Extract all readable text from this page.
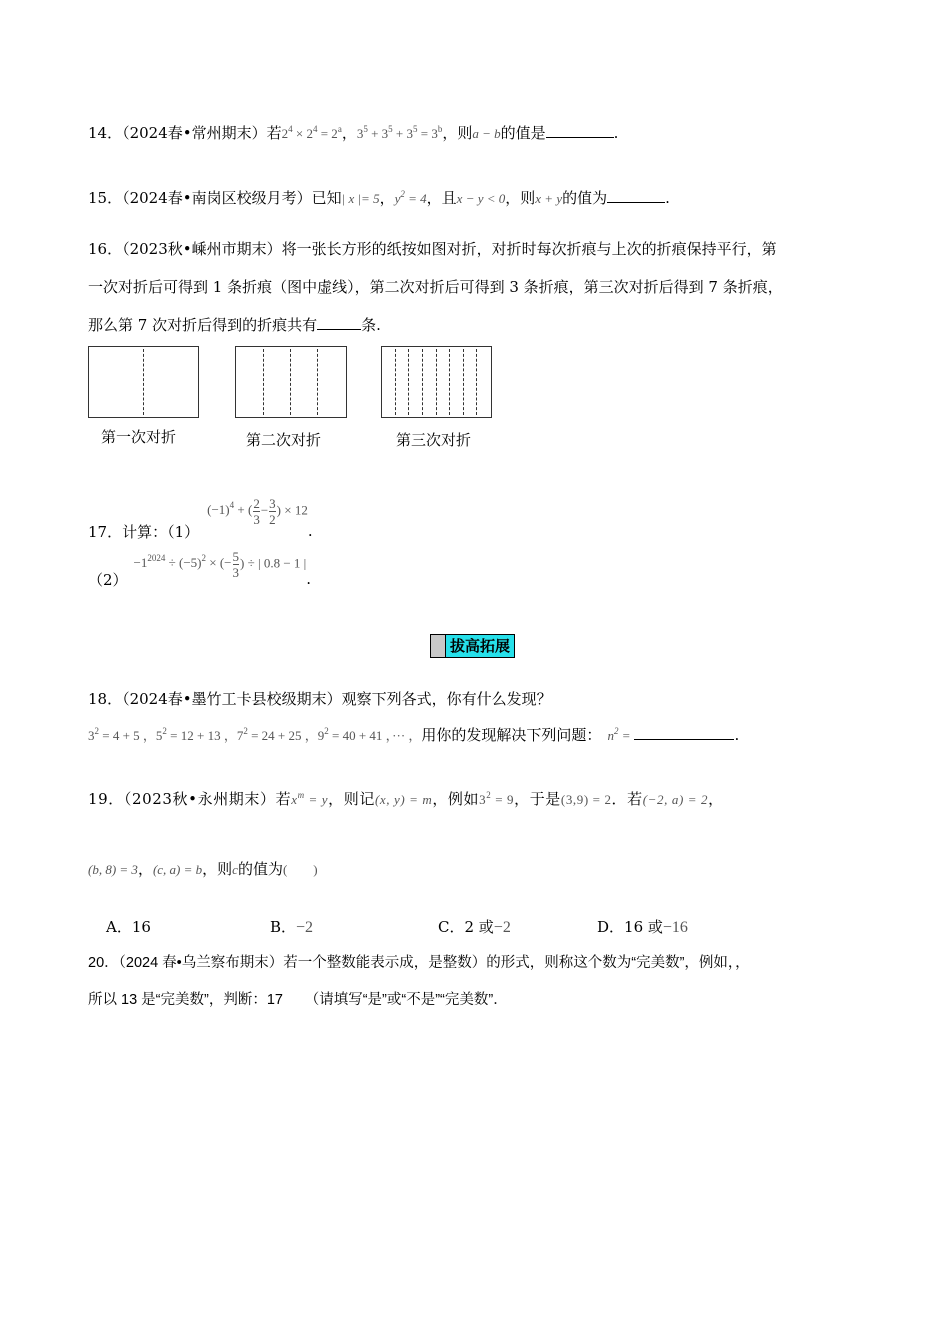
14．（2024春•常州期末）若$2^4 \times 2^4 = 2^a$，$3^5 + 3^5 + 3^5 = 3^b$，则a − b的值是	.
15．（2024春•南岗区校级月考）已知| x |= 5，$y^2 = 4$，且x − y < 0，则x + y的值为	.
16．（2023秋•嵊州市期末）将一张长方形的纸按如图对折，对折时每次折痕与上次的折痕保持平行，第
一次对折后可得到 1 条折痕（图中虚线），第二次对折后可得到 3 条折痕，第三次对折后得到 7 条折痕，
那么第 7 次对折后得到的折痕共有	条.
第一次对折	第二次对折	第三次对折
17．计算：（1）
$(-1)^4$ + ( $\frac{2}{3} - \frac{3}{2}$ ) × 12
.
（2）
$-1^{2024} \div (-5)^2$ × (− $\frac{5}{3}$ ) ÷ | 0.8 − 1 |
.
拔高拓展
18．（2024春•墨竹工卡县校级期末）观察下列各式，你有什么发现？
$3^2 = 4 + 5$ ，$5^2 = 12 + 13$ ，$7^2 = 24 + 25$ ，$9^2 = 40 + 41$ ，··· ，用你的发现解决下列问题： $n^2$ =	.
19．（2023秋•永州期末）若$x^m = y$，则记(x, y) = m，例如$3^2 = 9$，于是(3,9) = 2．若(−2, a) = 2，
(b, 8) = 3，(c, a) = b，则c的值为(　　)
A．16	B．−2	C．2 或−2	D．16 或−16
20．（2024 春•乌兰察布期末）若一个整数能表示成，是整数）的形式，则称这个数为“完美数”，例如，，
所以 13 是“完美数”，判断：17　　（请填写“是”或“不是”“完美数”．
